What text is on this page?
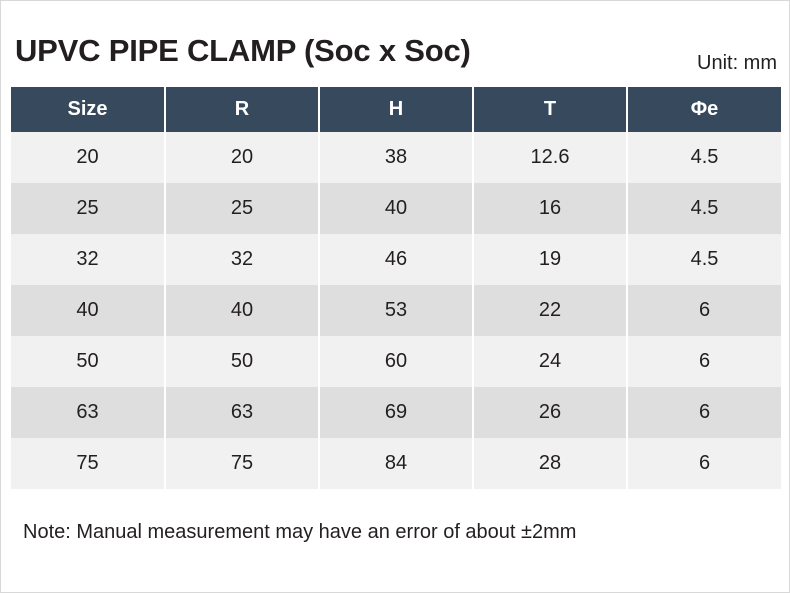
UPVC PIPE CLAMP (Soc x Soc)	Unit: mm
Size	R	H	T	Φe
20	20	38	12.6	4.5
25	25	40	16	4.5
32	32	46	19	4.5
40	40	53	22	6
50	50	60	24	6
63	63	69	26	6
75	75	84	28	6
Note: Manual measurement may have an error of about ±2mm
